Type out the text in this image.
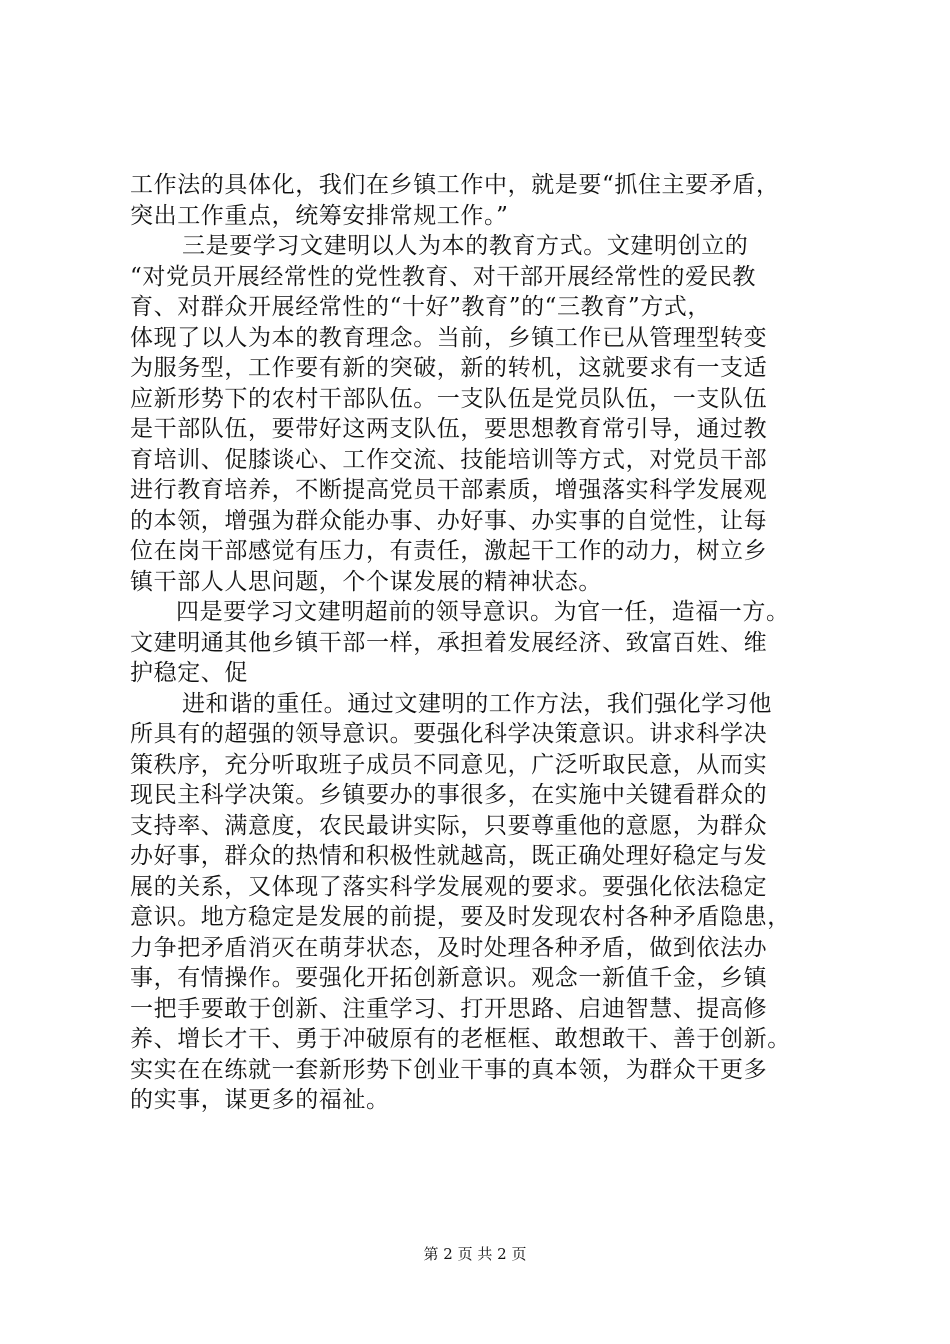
工作法的具体化，我们在乡镇工作中，就是要“抓住主要矛盾，
突出工作重点，统筹安排常规工作。”
三是要学习文建明以人为本的教育方式。文建明创立的
“对党员开展经常性的党性教育、对干部开展经常性的爱民教
育、对群众开展经常性的“十好”教育”的“三教育”方式，
体现了以人为本的教育理念。当前，乡镇工作已从管理型转变
为服务型，工作要有新的突破，新的转机，这就要求有一支适
应新形势下的农村干部队伍。一支队伍是党员队伍，一支队伍
是干部队伍，要带好这两支队伍，要思想教育常引导，通过教
育培训、促膝谈心、工作交流、技能培训等方式，对党员干部
进行教育培养，不断提高党员干部素质，增强落实科学发展观
的本领，增强为群众能办事、办好事、办实事的自觉性，让每
位在岗干部感觉有压力，有责任，激起干工作的动力，树立乡
镇干部人人思问题，个个谋发展的精神状态。
四是要学习文建明超前的领导意识。为官一任，造福一方。
文建明通其他乡镇干部一样，承担着发展经济、致富百姓、维
护稳定、促
进和谐的重任。通过文建明的工作方法，我们强化学习他
所具有的超强的领导意识。要强化科学决策意识。讲求科学决
策秩序，充分听取班子成员不同意见，广泛听取民意，从而实
现民主科学决策。乡镇要办的事很多，在实施中关键看群众的
支持率、满意度，农民最讲实际，只要尊重他的意愿，为群众
办好事，群众的热情和积极性就越高，既正确处理好稳定与发
展的关系，又体现了落实科学发展观的要求。要强化依法稳定
意识。地方稳定是发展的前提，要及时发现农村各种矛盾隐患，
力争把矛盾消灭在萌芽状态，及时处理各种矛盾，做到依法办
事，有情操作。要强化开拓创新意识。观念一新值千金，乡镇
一把手要敢于创新、注重学习、打开思路、启迪智慧、提高修
养、增长才干、勇于冲破原有的老框框、敢想敢干、善于创新。
实实在在练就一套新形势下创业干事的真本领，为群众干更多
的实事，谋更多的福祉。
第 2 页 共 2 页
